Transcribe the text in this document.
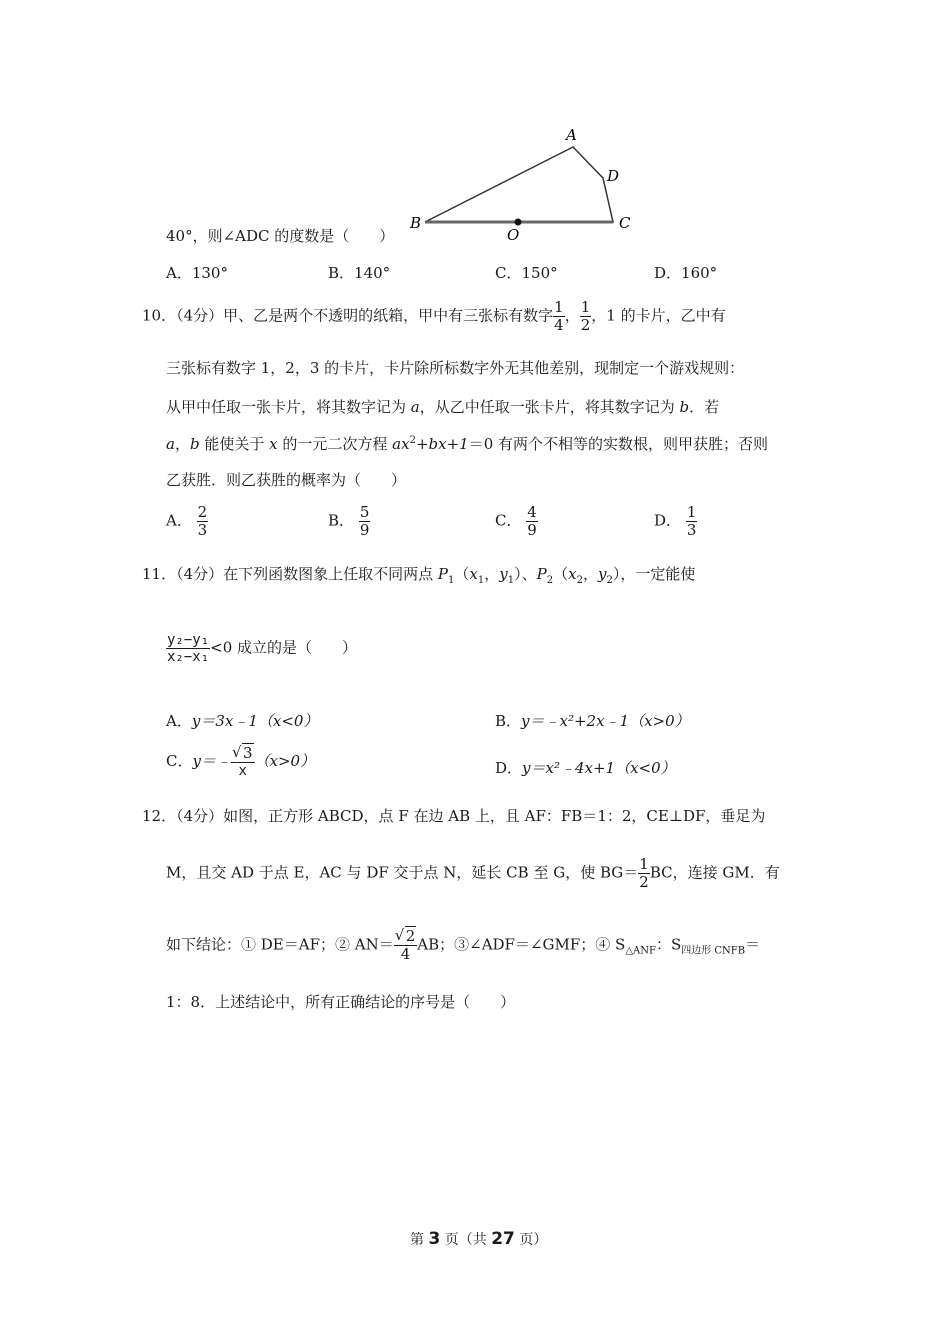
A
D
B	C
O
40°，则∠ADC 的度数是（　　）
A．130°	B．140°	C．150°	D．160°
10．（4分）甲、乙是两个不透明的纸箱，甲中有三张标有数字 $\frac{1}{4}$ ， $\frac{1}{2}$ ，1 的卡片，乙中有
三张标有数字 1，2，3 的卡片，卡片除所标数字外无其他差别，现制定一个游戏规则：
从甲中任取一张卡片，将其数字记为 a，从乙中任取一张卡片，将其数字记为 b．若
a，b 能使关于 x 的一元二次方程 $ax^2+bx+1=0$ 有两个不相等的实数根，则甲获胜；否则
乙获胜．则乙获胜的概率为（　　）
A． $\frac{2}{3}$	B． $\frac{5}{9}$	C． $\frac{4}{9}$	D． $\frac{1}{3}$
11．（4分）在下列函数图象上任取不同两点 $P_1(x_1$，$y_1$）、$P_2(x_2$，$y_2$），一定能使
$\frac{\text{y₂−y₁}}{\text{x₂−x₁}} <0$ 成立的是（　　）
A．y＝3x﹣1（x<0）	B．y＝﹣x²+2x﹣1（x>0）
C．y＝﹣ $\frac{√ 3}{x} (x>0)$	D．y＝x²﹣4x+1（x<0）
12．（4分）如图，正方形 ABCD，点 F 在边 AB 上，且 AF：FB＝1：2，CE⊥DF，垂足为
M，且交 AD 于点 E，AC 与 DF 交于点 N，延长 CB 至 G，使 $BG= \frac{1}{2}$ BC，连接 GM．有
如下结论：① DE＝AF；② $AN= \frac{√ 2}{4}$ AB；③∠ADF＝∠GMF；④ $S_{\triangle ANF}$：$S_{四边形 CNFB}=$
1：8．上述结论中，所有正确结论的序号是（　　）
第 3 页（共 27 页）
